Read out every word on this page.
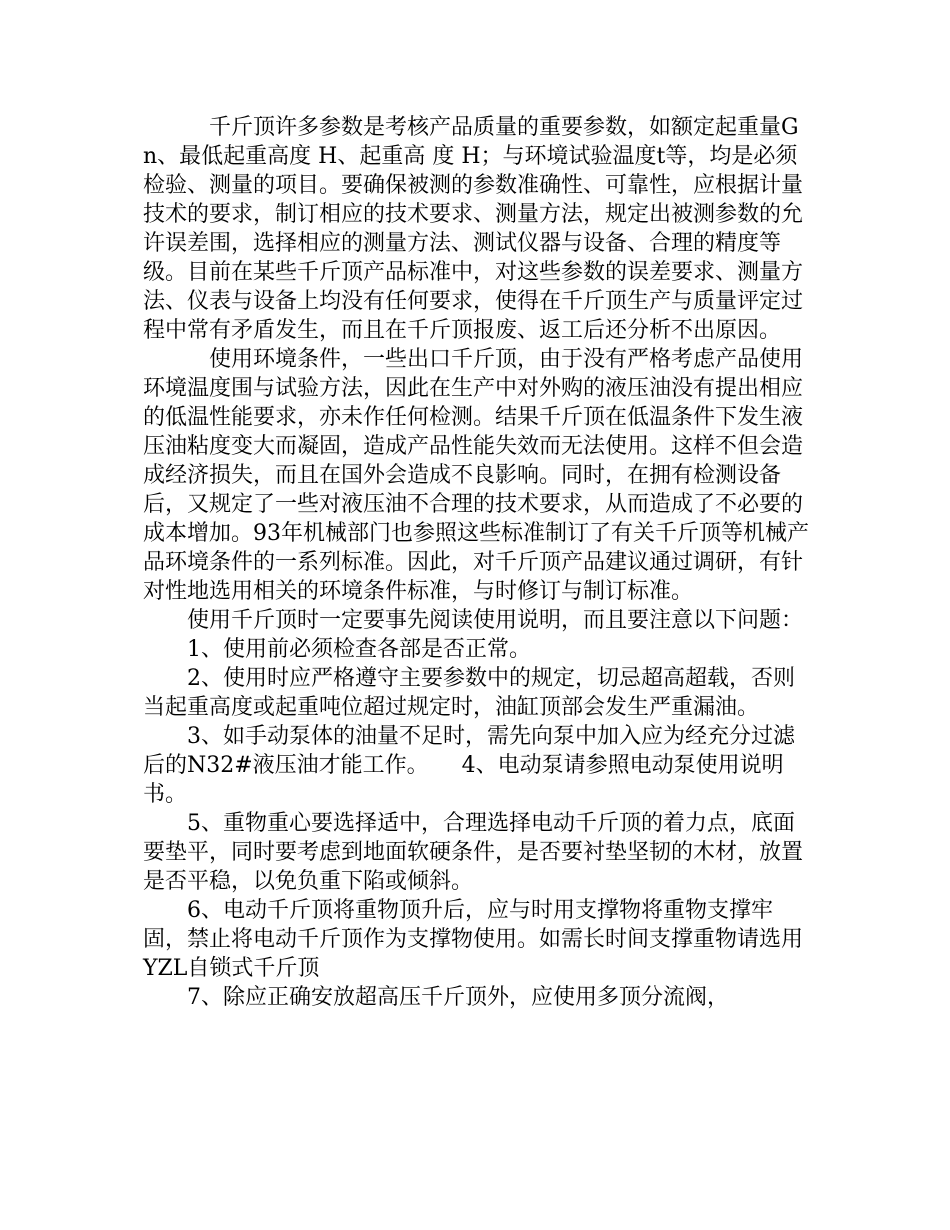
千斤顶许多参数是考核产品质量的重要参数，如额定起重量Gn、最低起重高度 H、起重高 度 H；与环境试验温度t等，均是必须检验、测量的项目。要确保被测的参数准确性、可靠性，应根据计量技术的要求，制订相应的技术要求、测量方法，规定出被测参数的允许误差围，选择相应的测量方法、测试仪器与设备、合理的精度等级。目前在某些千斤顶产品标准中，对这些参数的误差要求、测量方法、仪表与设备上均没有任何要求，使得在千斤顶生产与质量评定过程中常有矛盾发生，而且在千斤顶报废、返工后还分析不出原因。

使用环境条件，一些出口千斤顶，由于没有严格考虑产品使用环境温度围与试验方法，因此在生产中对外购的液压油没有提出相应的低温性能要求，亦未作任何检测。结果千斤顶在低温条件下发生液压油粘度变大而凝固，造成产品性能失效而无法使用。这样不但会造成经济损失，而且在国外会造成不良影响。同时，在拥有检测设备后，又规定了一些对液压油不合理的技术要求，从而造成了不必要的成本增加。93年机械部门也参照这些标准制订了有关千斤顶等机械产品环境条件的一系列标准。因此，对千斤顶产品建议通过调研，有针对性地选用相关的环境条件标准，与时修订与制订标准。

使用千斤顶时一定要事先阅读使用说明，而且要注意以下问题：

1、使用前必须检查各部是否正常。

2、使用时应严格遵守主要参数中的规定，切忌超高超载，否则当起重高度或起重吨位超过规定时，油缸顶部会发生严重漏油。

3、如手动泵体的油量不足时，需先向泵中加入应为经充分过滤后的N32#液压油才能工作。　　4、电动泵请参照电动泵使用说明书。

5、重物重心要选择适中，合理选择电动千斤顶的着力点，底面要垫平，同时要考虑到地面软硬条件，是否要衬垫坚韧的木材，放置是否平稳，以免负重下陷或倾斜。

6、电动千斤顶将重物顶升后，应与时用支撑物将重物支撑牢固，禁止将电动千斤顶作为支撑物使用。如需长时间支撑重物请选用YZL自锁式千斤顶

7、除应正确安放超高压千斤顶外，应使用多顶分流阀，
